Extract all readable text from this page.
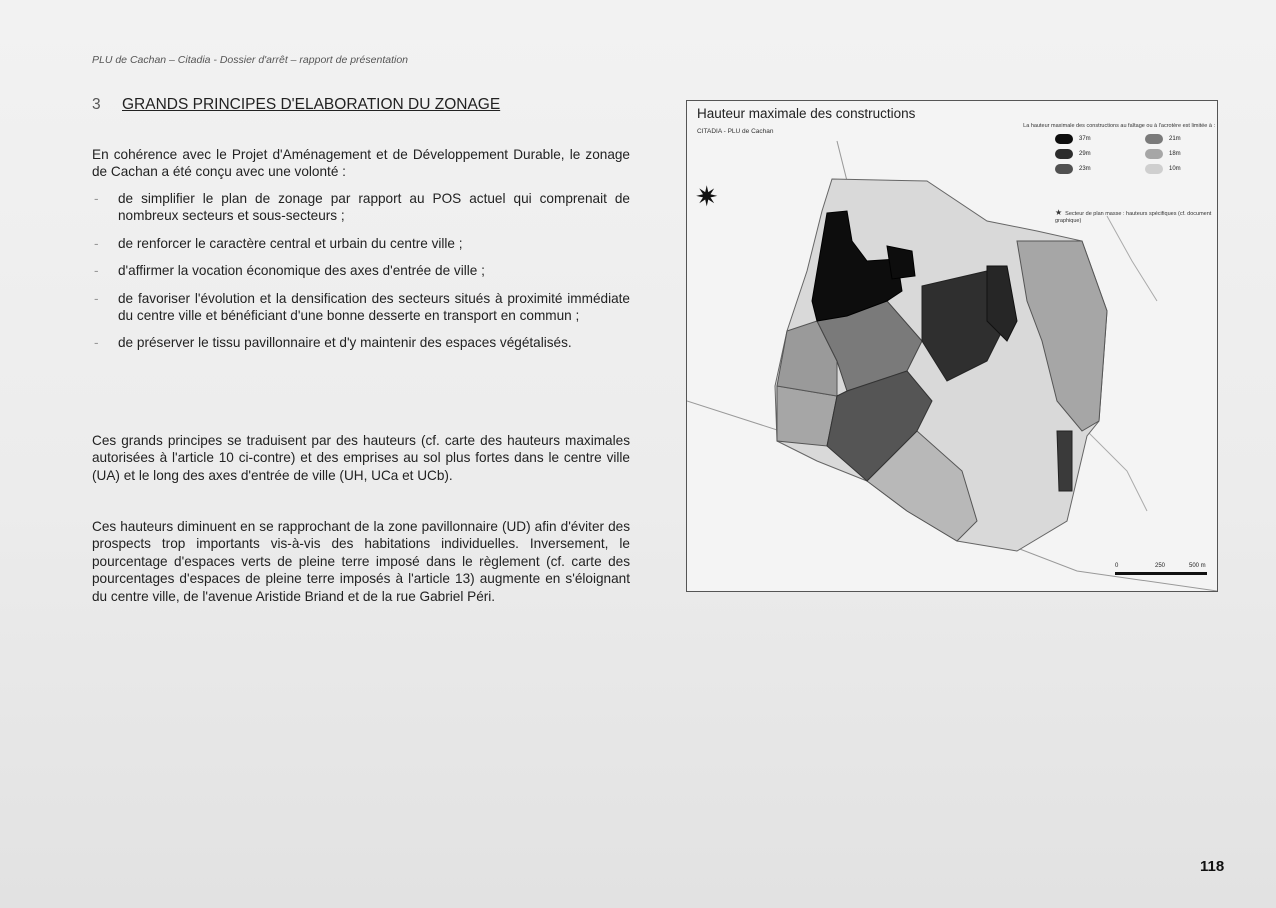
PLU de Cachan – Citadia - Dossier d'arrêt – rapport de présentation
3 GRANDS PRINCIPES D'ELABORATION DU ZONAGE

En cohérence avec le Projet d'Aménagement et de Développement Durable, le zonage de Cachan a été conçu avec une volonté :

- de simplifier le plan de zonage par rapport au POS actuel qui comprenait de nombreux secteurs et sous-secteurs ;
- de renforcer le caractère central et urbain du centre ville ;
- d'affirmer la vocation économique des axes d'entrée de ville ;
- de favoriser l'évolution et la densification des secteurs situés à proximité immédiate du centre ville et bénéficiant d'une bonne desserte en transport en commun ;
- de préserver le tissu pavillonnaire et d'y maintenir des espaces végétalisés.

Ces grands principes se traduisent par des hauteurs (cf. carte des hauteurs maximales autorisées à l'article 10 ci-contre) et des emprises au sol plus fortes dans le centre ville (UA) et le long des axes d'entrée de ville (UH, UCa et UCb).

Ces hauteurs diminuent en se rapprochant de la zone pavillonnaire (UD) afin d'éviter des prospects trop importants vis-à-vis des habitations individuelles. Inversement, le pourcentage d'espaces verts de pleine terre imposé dans le règlement (cf. carte des pourcentages d'espaces de pleine terre imposés à l'article 13) augmente en s'éloignant du centre ville, de l'avenue Aristide Briand et de la rue Gabriel Péri.

Hauteur maximale des constructions
CITADIA - PLU de Cachan
✷
La hauteur maximale des constructions au faîtage ou à l'acrotère est limitée à :
37m	21m
29m	18m
23m	10m
★ Secteur de plan masse : hauteurs spécifiques (cf. document graphique)
0	250	500 m
118
